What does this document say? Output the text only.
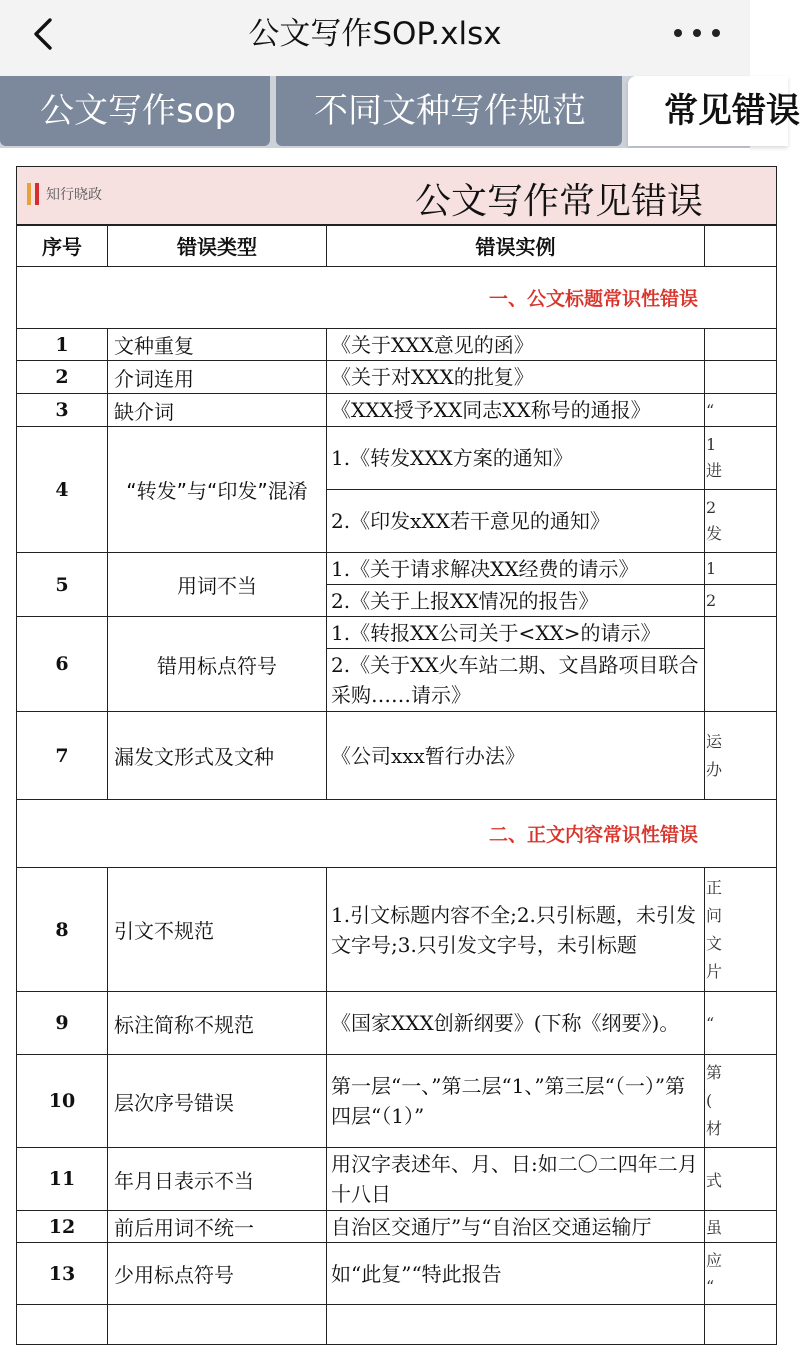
公文写作SOP.xlsx
公文写作sop	不同文种写作规范	常见错误
知行晓政 公文写作常见错误			

序号	错误类型	错误实例	
一、公文标题常识性错误			
1	文种重复	《关于XXX意见的函》	
2	介词连用	《关于对XXX的批复》	
3	缺介词	《XXX授予XX同志XX称号的通报》	“
4	“转发”与“印发”混淆	1.《转发XXX方案的通知》	1
进
		2.《印发xXX若干意见的通知》	2
发
5	用词不当	1.《关于请求解决XX经费的请示》	1
		2.《关于上报XX情况的报告》	2
6	错用标点符号	1.《转报XX公司关于<XX>的请示》	
		2.《关于XX火车站二期、文昌路项目联合采购……请示》	
7	漏发文形式及文种	《公司xxx暂行办法》	运
办
二、正文内容常识性错误			
8	引文不规范	1.引文标题内容不全;2.只引标题，未引发文字号;3.只引发文字号，未引标题	正
问
文
片
9	标注简称不规范	《国家XXX创新纲要》(下称《纲要》)。	“
10	层次序号错误	第一层“一、”第二层“1、”第三层“（一）”第四层“（1）”	第
(
材
11	年月日表示不当	用汉字表述年、月、日:如二〇二四年二月十八日	式
12	前后用词不统一	自治区交通厅”与“自治区交通运输厅	虽
13	少用标点符号	如“此复”“特此报告	应
“
